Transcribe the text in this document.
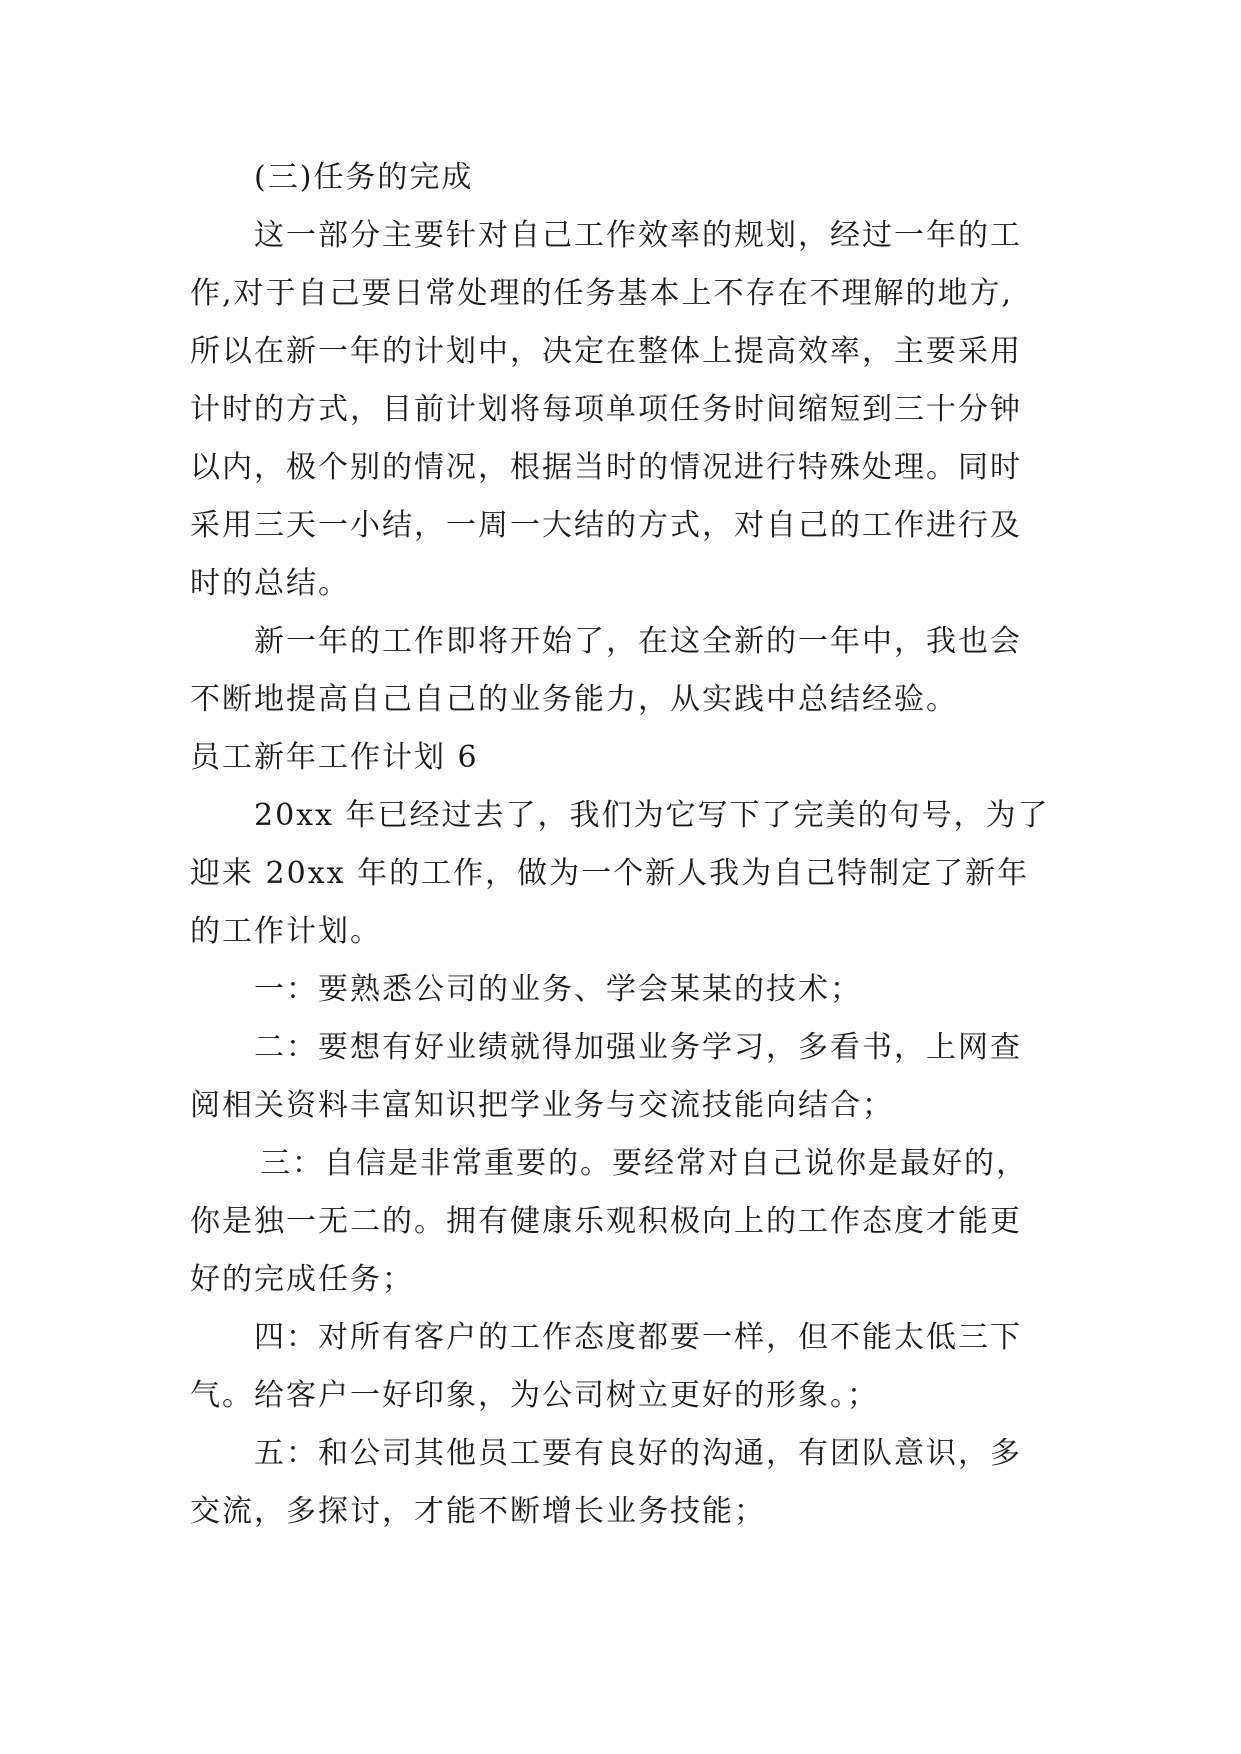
(三)任务的完成
这一部分主要针对自己工作效率的规划，经过一年的工
作,对于自己要日常处理的任务基本上不存在不理解的地方,
所以在新一年的计划中，决定在整体上提高效率，主要采用
计时的方式，目前计划将每项单项任务时间缩短到三十分钟
以内，极个别的情况，根据当时的情况进行特殊处理。同时
采用三天一小结，一周一大结的方式，对自己的工作进行及
时的总结。
新一年的工作即将开始了，在这全新的一年中，我也会
不断地提高自己自己的业务能力，从实践中总结经验。
员工新年工作计划 6
20xx 年已经过去了，我们为它写下了完美的句号，为了
迎来 20xx 年的工作，做为一个新人我为自己特制定了新年
的工作计划。
一：要熟悉公司的业务、学会某某的技术；
二：要想有好业绩就得加强业务学习，多看书，上网查
阅相关资料丰富知识把学业务与交流技能向结合；
三：自信是非常重要的。要经常对自己说你是最好的，
你是独一无二的。拥有健康乐观积极向上的工作态度才能更
好的完成任务；
四：对所有客户的工作态度都要一样，但不能太低三下
气。给客户一好印象，为公司树立更好的形象。；
五：和公司其他员工要有良好的沟通，有团队意识，多
交流，多探讨，才能不断增长业务技能；
